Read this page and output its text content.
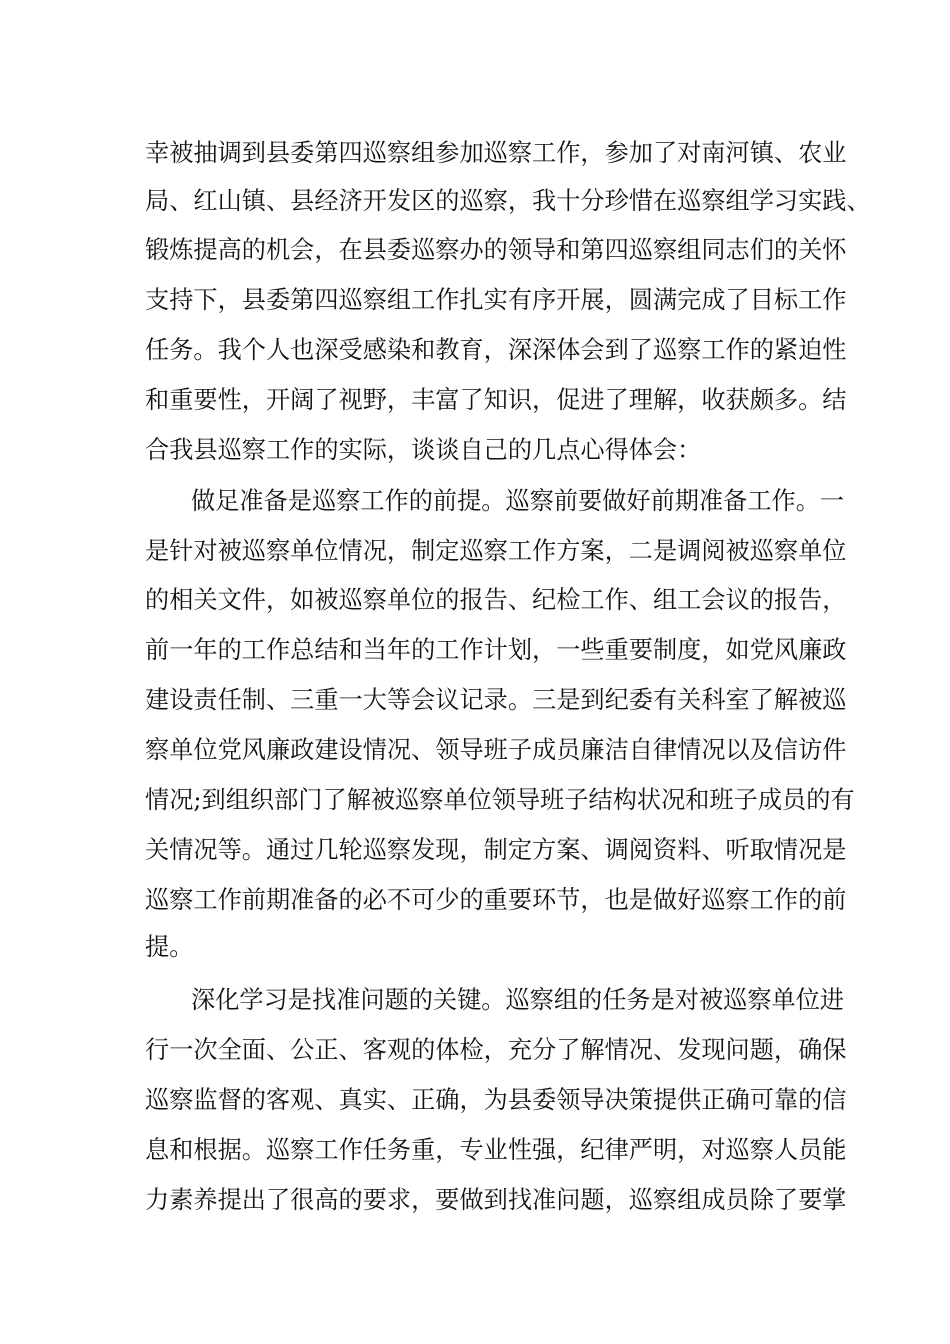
幸被抽调到县委第四巡察组参加巡察工作，参加了对南河镇、农业
局、红山镇、县经济开发区的巡察，我十分珍惜在巡察组学习实践、
锻炼提高的机会，在县委巡察办的领导和第四巡察组同志们的关怀
支持下，县委第四巡察组工作扎实有序开展，圆满完成了目标工作
任务。我个人也深受感染和教育，深深体会到了巡察工作的紧迫性
和重要性，开阔了视野，丰富了知识，促进了理解，收获颇多。结
合我县巡察工作的实际，谈谈自己的几点心得体会：
做足准备是巡察工作的前提。巡察前要做好前期准备工作。一
是针对被巡察单位情况，制定巡察工作方案，二是调阅被巡察单位
的相关文件，如被巡察单位的报告、纪检工作、组工会议的报告，
前一年的工作总结和当年的工作计划，一些重要制度，如党风廉政
建设责任制、三重一大等会议记录。三是到纪委有关科室了解被巡
察单位党风廉政建设情况、领导班子成员廉洁自律情况以及信访件
情况;到组织部门了解被巡察单位领导班子结构状况和班子成员的有
关情况等。通过几轮巡察发现，制定方案、调阅资料、听取情况是
巡察工作前期准备的必不可少的重要环节，也是做好巡察工作的前
提。
深化学习是找准问题的关键。巡察组的任务是对被巡察单位进
行一次全面、公正、客观的体检，充分了解情况、发现问题，确保
巡察监督的客观、真实、正确，为县委领导决策提供正确可靠的信
息和根据。巡察工作任务重，专业性强，纪律严明，对巡察人员能
力素养提出了很高的要求，要做到找准问题，巡察组成员除了要掌
